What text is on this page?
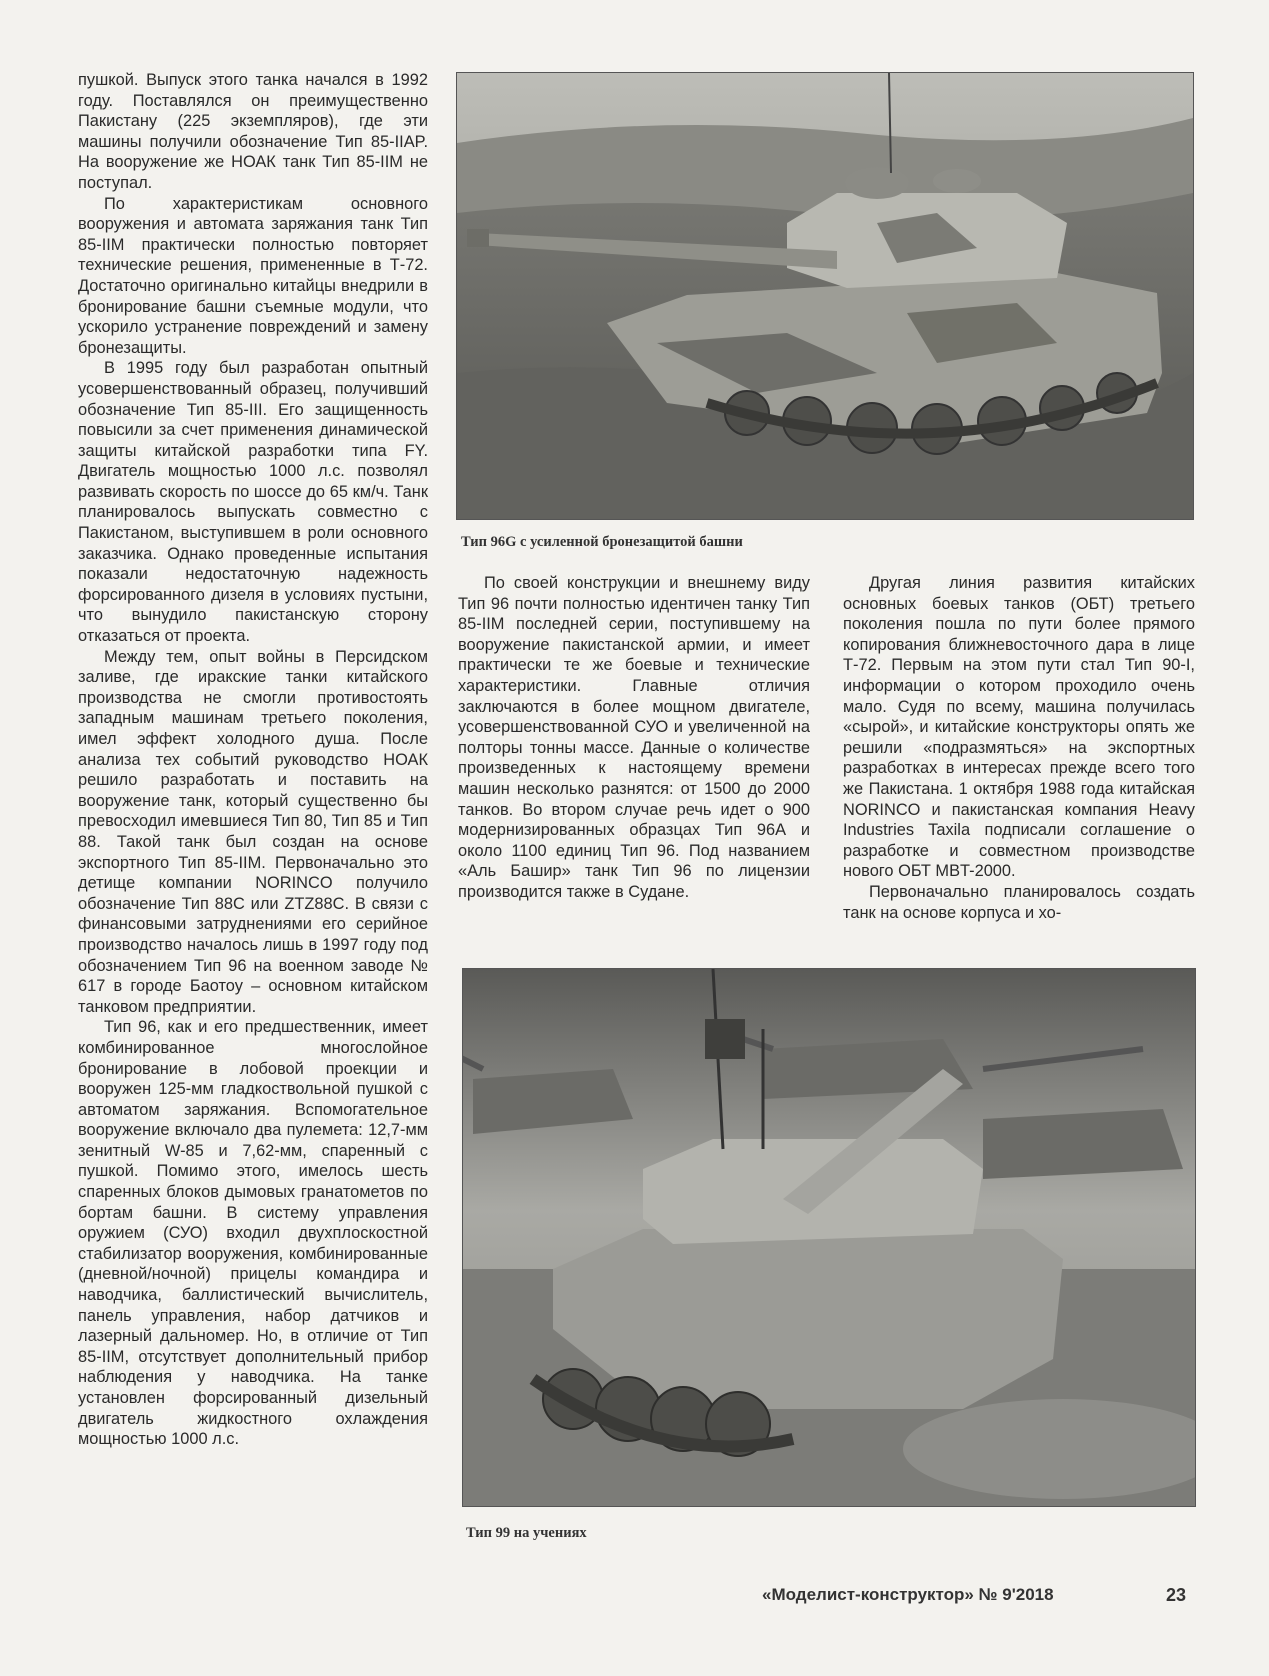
пушкой. Выпуск этого танка начался в 1992 году. Поставлялся он преимущественно Пакистану (225 экземпляров), где эти машины получили обозначение Тип 85-IIAP. На вооружение же НОАК танк Тип 85-IIM не поступал.

По характеристикам основного вооружения и автомата заряжания танк Тип 85-IIM практически полностью повторяет технические решения, примененные в Т-72. Достаточно оригинально китайцы внедрили в бронирование башни съемные модули, что ускорило устранение повреждений и замену бронезащиты.

В 1995 году был разработан опытный усовершенствованный образец, получивший обозначение Тип 85-III. Его защищенность повысили за счет применения динамической защиты китайской разработки типа FY. Двигатель мощностью 1000 л.с. позволял развивать скорость по шоссе до 65 км/ч. Танк планировалось выпускать совместно с Пакистаном, выступившем в роли основного заказчика. Однако проведенные испытания показали недостаточную надежность форсированного дизеля в условиях пустыни, что вынудило пакистанскую сторону отказаться от проекта.

Между тем, опыт войны в Персидском заливе, где иракские танки китайского производства не смогли противостоять западным машинам третьего поколения, имел эффект холодного душа. После анализа тех событий руководство НОАК решило разработать и поставить на вооружение танк, который существенно бы превосходил имевшиеся Тип 80, Тип 85 и Тип 88. Такой танк был создан на основе экспортного Тип 85-IIM. Первоначально это детище компании NORINCO получило обозначение Тип 88С или ZTZ88С. В связи с финансовыми затруднениями его серийное производство началось лишь в 1997 году под обозначением Тип 96 на военном заводе № 617 в городе Баотоу – основном китайском танковом предприятии.

Тип 96, как и его предшественник, имеет комбинированное многослойное бронирование в лобовой проекции и вооружен 125-мм гладкоствольной пушкой с автоматом заряжания. Вспомогательное вооружение включало два пулемета: 12,7-мм зенитный W-85 и 7,62-мм, спаренный с пушкой. Помимо этого, имелось шесть спаренных блоков дымовых гранатометов по бортам башни. В систему управления оружием (СУО) входил двухплоскостной стабилизатор вооружения, комбинированные (дневной/ночной) прицелы командира и наводчика, баллистический вычислитель, панель управления, набор датчиков и лазерный дальномер. Но, в отличие от Тип 85-IIM, отсутствует дополнительный прибор наблюдения у наводчика. На танке установлен форсированный дизельный двигатель жидкостного охлаждения мощностью 1000 л.с.

Тип 96G с усиленной бронезащитой башни

По своей конструкции и внешнему виду Тип 96 почти полностью идентичен танку Тип 85-IIM последней серии, поступившему на вооружение пакистанской армии, и имеет практически те же боевые и технические характеристики. Главные отличия заключаются в более мощном двигателе, усовершенствованной СУО и увеличенной на полторы тонны массе. Данные о количестве произведенных к настоящему времени машин несколько разнятся: от 1500 до 2000 танков. Во втором случае речь идет о 900 модернизированных образцах Тип 96А и около 1100 единиц Тип 96. Под названием «Аль Башир» танк Тип 96 по лицензии производится также в Судане.

Другая линия развития китайских основных боевых танков (ОБТ) третьего поколения пошла по пути более прямого копирования ближневосточного дара в лице Т-72. Первым на этом пути стал Тип 90-I, информации о котором проходило очень мало. Судя по всему, машина получилась «сырой», и китайские конструкторы опять же решили «подразмяться» на экспортных разработках в интересах прежде всего того же Пакистана. 1 октября 1988 года китайская NORINCO и пакистанская компания Heavy Industries Taxila подписали соглашение о разработке и совместном производстве нового ОБТ MBT-2000.

Первоначально планировалось создать танк на основе корпуса и хо-

Тип 99 на учениях
«Моделист-конструктор» № 9'2018	23
